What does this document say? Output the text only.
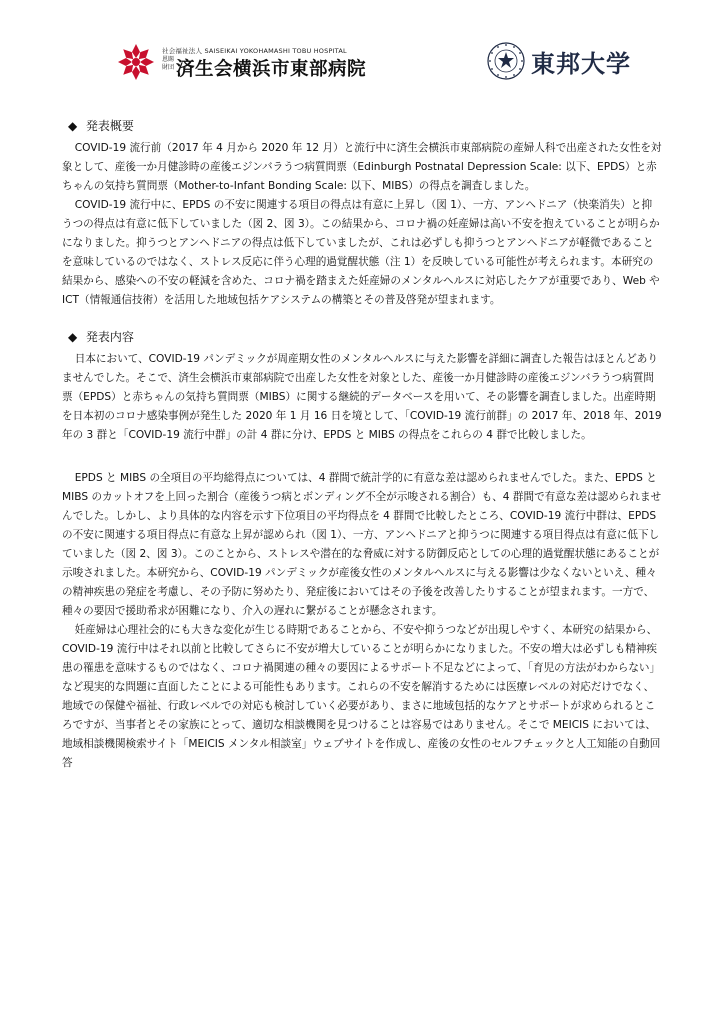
社会福祉法人 SAISEIKAI YOKOHAMASHI TOBU HOSPITAL
恩賜財団 済生会横浜市東部病院	東邦大学
◆ 発表概要

COVID-19 流行前（2017 年 4 月から 2020 年 12 月）と流行中に済生会横浜市東部病院の産婦人科で出産された女性を対象として、産後一か月健診時の産後エジンバラうつ病質問票（Edinburgh Postnatal Depression Scale: 以下、EPDS）と赤ちゃんの気持ち質問票（Mother-to-Infant Bonding Scale: 以下、MIBS）の得点を調査しました。

COVID-19 流行中に、EPDS の不安に関連する項目の得点は有意に上昇し（図 1）、一方、アンヘドニア（快楽消失）と抑うつの得点は有意に低下していました（図 2、図 3）。この結果から、コロナ禍の妊産婦は高い不安を抱えていることが明らかになりました。抑うつとアンヘドニアの得点は低下していましたが、これは必ずしも抑うつとアンヘドニアが軽微であることを意味しているのではなく、ストレス反応に伴う心理的過覚醒状態（注 1）を反映している可能性が考えられます。本研究の結果から、感染への不安の軽減を含めた、コロナ禍を踏まえた妊産婦のメンタルヘルスに対応したケアが重要であり、Web や ICT（情報通信技術）を活用した地域包括ケアシステムの構築とその普及啓発が望まれます。

◆ 発表内容

日本において、COVID-19 パンデミックが周産期女性のメンタルヘルスに与えた影響を詳細に調査した報告はほとんどありませんでした。そこで、済生会横浜市東部病院で出産した女性を対象とした、産後一か月健診時の産後エジンバラうつ病質問票（EPDS）と赤ちゃんの気持ち質問票（MIBS）に関する継続的データベースを用いて、その影響を調査しました。出産時期を日本初のコロナ感染事例が発生した 2020 年 1 月 16 日を境として、「COVID-19 流行前群」の 2017 年、2018 年、2019 年の 3 群と「COVID-19 流行中群」の計 4 群に分け、EPDS と MIBS の得点をこれらの 4 群で比較しました。

EPDS と MIBS の全項目の平均総得点については、4 群間で統計学的に有意な差は認められませんでした。また、EPDS と MIBS のカットオフを上回った割合（産後うつ病とボンディング不全が示唆される割合）も、4 群間で有意な差は認められませんでした。しかし、より具体的な内容を示す下位項目の平均得点を 4 群間で比較したところ、COVID-19 流行中群は、EPDS の不安に関連する項目得点に有意な上昇が認められ（図 1）、一方、アンヘドニアと抑うつに関連する項目得点は有意に低下していました（図 2、図 3）。このことから、ストレスや潜在的な脅威に対する防御反応としての心理的過覚醒状態にあることが示唆されました。本研究から、COVID-19 パンデミックが産後女性のメンタルヘルスに与える影響は少なくないといえ、種々の精神疾患の発症を考慮し、その予防に努めたり、発症後においてはその予後を改善したりすることが望まれます。一方で、種々の要因で援助希求が困難になり、介入の遅れに繋がることが懸念されます。

妊産婦は心理社会的にも大きな変化が生じる時期であることから、不安や抑うつなどが出現しやすく、本研究の結果から、COVID-19 流行中はそれ以前と比較してさらに不安が増大していることが明らかになりました。不安の増大は必ずしも精神疾患の罹患を意味するものではなく、コロナ禍関連の種々の要因によるサポート不足などによって、「育児の方法がわからない」など現実的な問題に直面したことによる可能性もあります。これらの不安を解消するためには医療レベルの対応だけでなく、地域での保健や福祉、行政レベルでの対応も検討していく必要があり、まさに地域包括的なケアとサポートが求められるところですが、当事者とその家族にとって、適切な相談機関を見つけることは容易ではありません。そこで MEICIS においては、地域相談機関検索サイト「MEICIS メンタル相談室」ウェブサイトを作成し、産後の女性のセルフチェックと人工知能の自動回答
